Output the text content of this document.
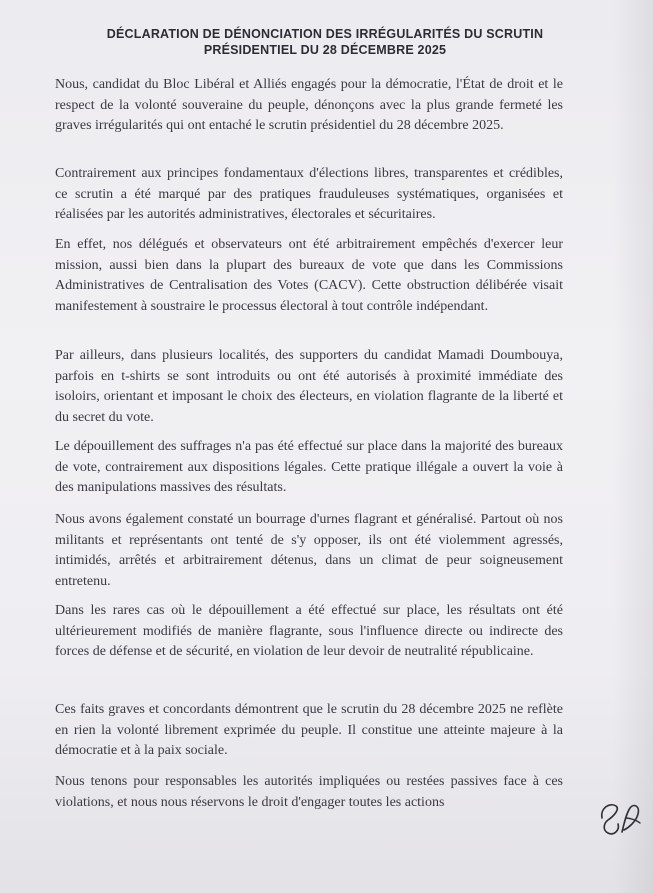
DÉCLARATION DE DÉNONCIATION DES IRRÉGULARITÉS DU SCRUTIN
PRÉSIDENTIEL DU 28 DÉCEMBRE 2025

Nous, candidat du Bloc Libéral et Alliés engagés pour la démocratie, l'État de droit et le respect de la volonté souveraine du peuple, dénonçons avec la plus grande fermeté les graves irrégularités qui ont entaché le scrutin présidentiel du 28 décembre 2025.

Contrairement aux principes fondamentaux d'élections libres, transparentes et crédibles, ce scrutin a été marqué par des pratiques frauduleuses systématiques, organisées et réalisées par les autorités administratives, électorales et sécuritaires.

En effet, nos délégués et observateurs ont été arbitrairement empêchés d'exercer leur mission, aussi bien dans la plupart des bureaux de vote que dans les Commissions Administratives de Centralisation des Votes (CACV). Cette obstruction délibérée visait manifestement à soustraire le processus électoral à tout contrôle indépendant.

Par ailleurs, dans plusieurs localités, des supporters du candidat Mamadi Doumbouya, parfois en t-shirts se sont introduits ou ont été autorisés à proximité immédiate des isoloirs, orientant et imposant le choix des électeurs, en violation flagrante de la liberté et du secret du vote.

Le dépouillement des suffrages n'a pas été effectué sur place dans la majorité des bureaux de vote, contrairement aux dispositions légales. Cette pratique illégale a ouvert la voie à des manipulations massives des résultats.

Nous avons également constaté un bourrage d'urnes flagrant et généralisé. Partout où nos militants et représentants ont tenté de s'y opposer, ils ont été violemment agressés, intimidés, arrêtés et arbitrairement détenus, dans un climat de peur soigneusement entretenu.

Dans les rares cas où le dépouillement a été effectué sur place, les résultats ont été ultérieurement modifiés de manière flagrante, sous l'influence directe ou indirecte des forces de défense et de sécurité, en violation de leur devoir de neutralité républicaine.

Ces faits graves et concordants démontrent que le scrutin du 28 décembre 2025 ne reflète en rien la volonté librement exprimée du peuple. Il constitue une atteinte majeure à la démocratie et à la paix sociale.

Nous tenons pour responsables les autorités impliquées ou restées passives face à ces violations, et nous nous réservons le droit d'engager toutes les actions
